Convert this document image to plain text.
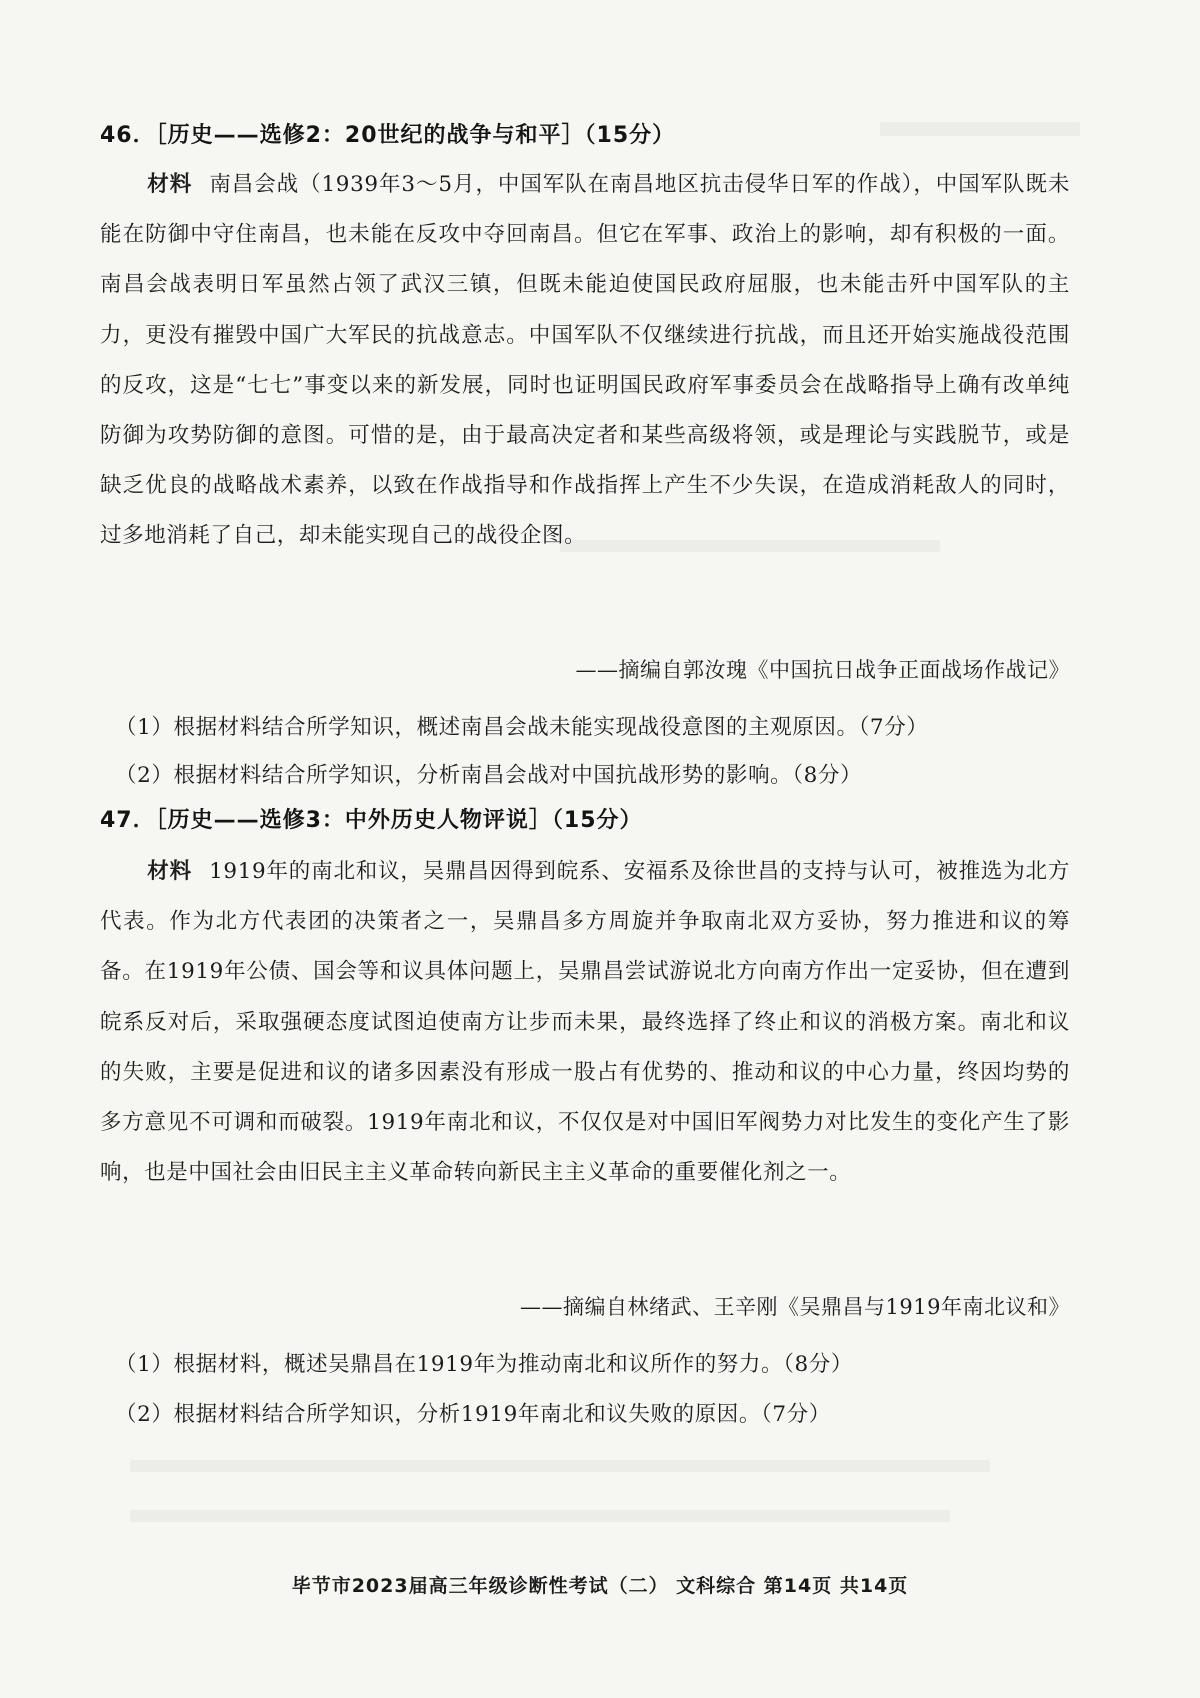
46．［历史——选修2：20世纪的战争与和平］（15分）
材料 南昌会战（1939年3～5月，中国军队在南昌地区抗击侵华日军的作战），中国军队既未能在防御中守住南昌，也未能在反攻中夺回南昌。但它在军事、政治上的影响，却有积极的一面。南昌会战表明日军虽然占领了武汉三镇，但既未能迫使国民政府屈服，也未能击歼中国军队的主力，更没有摧毁中国广大军民的抗战意志。中国军队不仅继续进行抗战，而且还开始实施战役范围的反攻，这是“七七”事变以来的新发展，同时也证明国民政府军事委员会在战略指导上确有改单纯防御为攻势防御的意图。可惜的是，由于最高决定者和某些高级将领，或是理论与实践脱节，或是缺乏优良的战略战术素养，以致在作战指导和作战指挥上产生不少失误，在造成消耗敌人的同时，过多地消耗了自己，却未能实现自己的战役企图。
——摘编自郭汝瑰《中国抗日战争正面战场作战记》
（1）根据材料结合所学知识，概述南昌会战未能实现战役意图的主观原因。（7分）
（2）根据材料结合所学知识，分析南昌会战对中国抗战形势的影响。（8分）
47．［历史——选修3：中外历史人物评说］（15分）
材料 1919年的南北和议，吴鼎昌因得到皖系、安福系及徐世昌的支持与认可，被推选为北方代表。作为北方代表团的决策者之一，吴鼎昌多方周旋并争取南北双方妥协，努力推进和议的筹备。在1919年公债、国会等和议具体问题上，吴鼎昌尝试游说北方向南方作出一定妥协，但在遭到皖系反对后，采取强硬态度试图迫使南方让步而未果，最终选择了终止和议的消极方案。南北和议的失败，主要是促进和议的诸多因素没有形成一股占有优势的、推动和议的中心力量，终因均势的多方意见不可调和而破裂。1919年南北和议，不仅仅是对中国旧军阀势力对比发生的变化产生了影响，也是中国社会由旧民主主义革命转向新民主主义革命的重要催化剂之一。
——摘编自林绪武、王辛刚《吴鼎昌与1919年南北议和》
（1）根据材料，概述吴鼎昌在1919年为推动南北和议所作的努力。（8分）
（2）根据材料结合所学知识，分析1919年南北和议失败的原因。（7分）
毕节市2023届高三年级诊断性考试（二） 文科综合 第14页 共14页
